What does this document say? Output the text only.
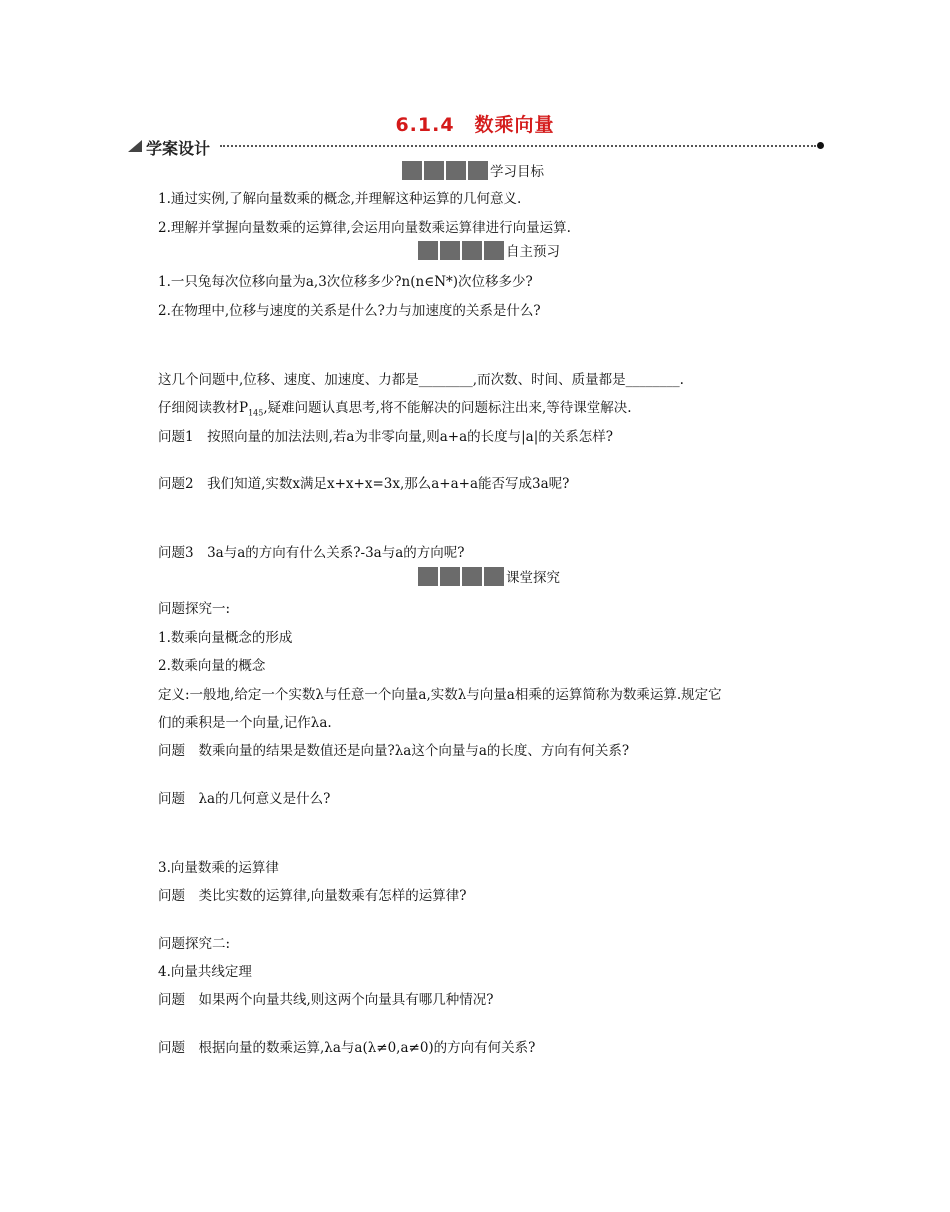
6.1.4　数乘向量
学案设计
学习目标
1.通过实例,了解向量数乘的概念,并理解这种运算的几何意义.
2.理解并掌握向量数乘的运算律,会运用向量数乘运算律进行向量运算.
自主预习
1.一只兔每次位移向量为a,3次位移多少?n(n∈N*)次位移多少?
2.在物理中,位移与速度的关系是什么?力与加速度的关系是什么?
这几个问题中,位移、速度、加速度、力都是________,而次数、时间、质量都是________.
仔细阅读教材$P_{145}$,疑难问题认真思考,将不能解决的问题标注出来,等待课堂解决.
问题1　按照向量的加法法则,若a为非零向量,则a+a的长度与|a|的关系怎样?
问题2　我们知道,实数x满足x+x+x=3x,那么a+a+a能否写成3a呢?
问题3　3a与a的方向有什么关系?-3a与a的方向呢?
课堂探究
问题探究一:
1.数乘向量概念的形成
2.数乘向量的概念
定义:一般地,给定一个实数λ与任意一个向量a,实数λ与向量a相乘的运算简称为数乘运算.规定它
们的乘积是一个向量,记作λa.
问题　数乘向量的结果是数值还是向量?λa这个向量与a的长度、方向有何关系?
问题　λa的几何意义是什么?
3.向量数乘的运算律
问题　类比实数的运算律,向量数乘有怎样的运算律?
问题探究二:
4.向量共线定理
问题　如果两个向量共线,则这两个向量具有哪几种情况?
问题　根据向量的数乘运算,λa与a(λ≠0,a≠0)的方向有何关系?
